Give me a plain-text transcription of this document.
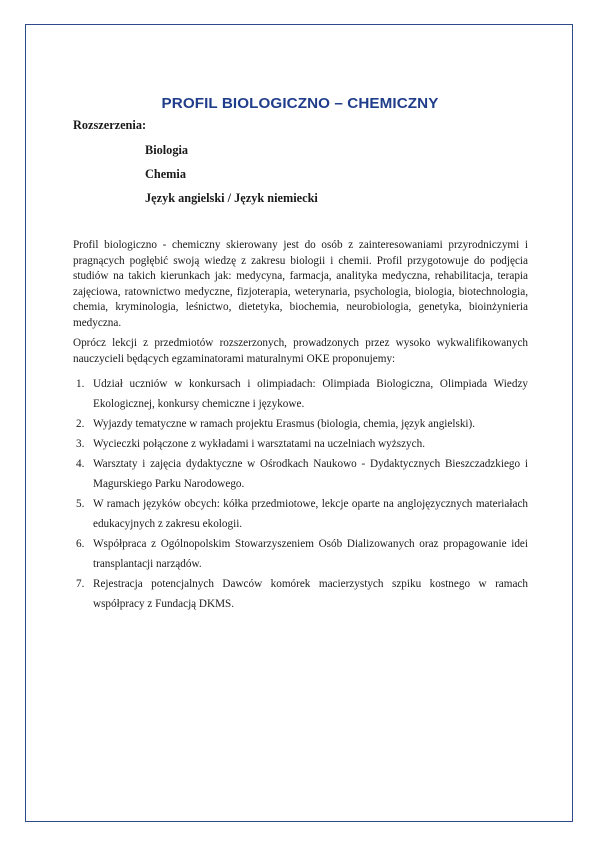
PROFIL BIOLOGICZNO – CHEMICZNY

Rozszerzenia:

Biologia
Chemia
Język angielski / Język niemiecki

Profil biologiczno - chemiczny skierowany jest do osób z zainteresowaniami przyrodniczymi i pragnących pogłębić swoją wiedzę z zakresu biologii i chemii. Profil przygotowuje do podjęcia studiów na takich kierunkach jak: medycyna, farmacja, analityka medyczna, rehabilitacja, terapia zajęciowa, ratownictwo medyczne, fizjoterapia, weterynaria, psychologia, biologia, biotechnologia, chemia, kryminologia, leśnictwo, dietetyka, biochemia, neurobiologia, genetyka, bioinżynieria medyczna.

Oprócz lekcji z przedmiotów rozszerzonych, prowadzonych przez wysoko wykwalifikowanych nauczycieli będących egzaminatorami maturalnymi OKE proponujemy:

1. Udział uczniów w konkursach i olimpiadach: Olimpiada Biologiczna, Olimpiada Wiedzy Ekologicznej, konkursy chemiczne i językowe.
2. Wyjazdy tematyczne w ramach projektu Erasmus (biologia, chemia, język angielski).
3. Wycieczki połączone z wykładami i warsztatami na uczelniach wyższych.
4. Warsztaty i zajęcia dydaktyczne w Ośrodkach Naukowo - Dydaktycznych Bieszczadzkiego i Magurskiego Parku Narodowego.
5. W ramach języków obcych: kółka przedmiotowe, lekcje oparte na anglojęzycznych materiałach edukacyjnych z zakresu ekologii.
6. Współpraca z Ogólnopolskim Stowarzyszeniem Osób Dializowanych oraz propagowanie idei transplantacji narządów.
7. Rejestracja potencjalnych Dawców komórek macierzystych szpiku kostnego w ramach współpracy z Fundacją DKMS.
